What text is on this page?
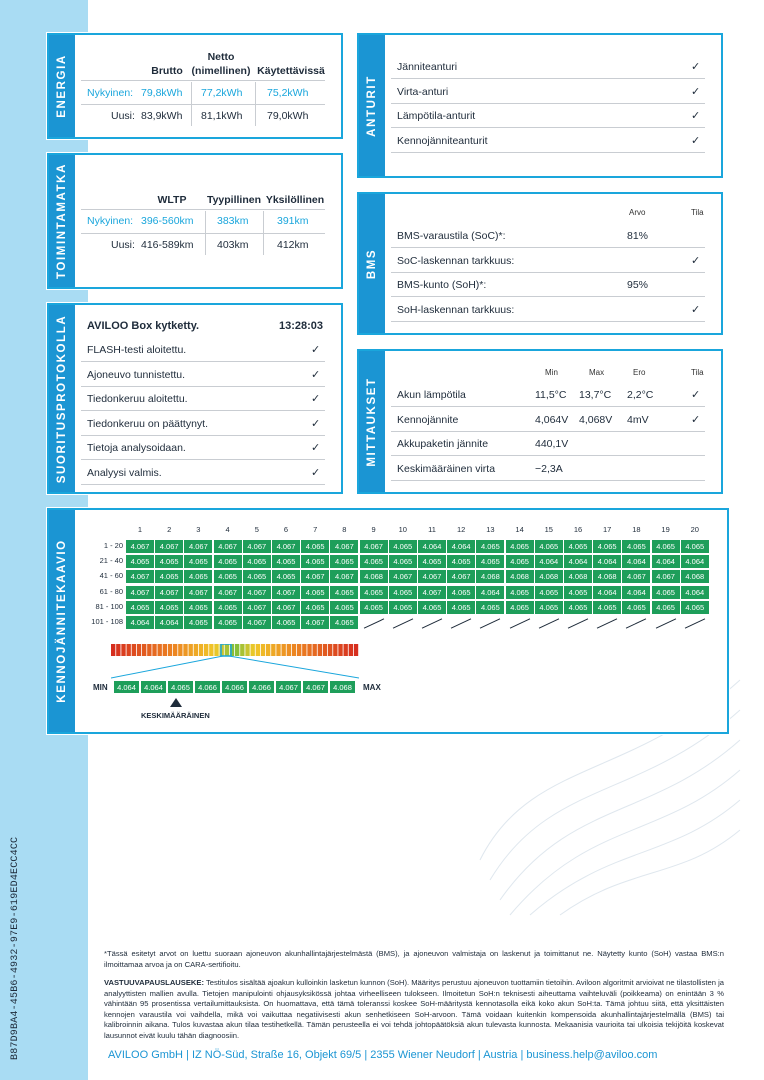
B87D9BA4-45B6-4932-97E9-619ED4ECC4CC
ENERGIA	Brutto
Netto
(nimellinen) Käytettävissä
Nykyinen: 79,8kWh 77,2kWh 75,2kWh
Uusi: 83,9kWh 81,1kWh 79,0kWh
TOIMINTAMATKA	WLTP	Tyypillinen Yksilöllinen
Nykyinen: 396-560km 383km	391km
Uusi: 416-589km 403km	412km
SUORITUSPROTOKOLLA AVILOO Box kytketty.	13:28:03
FLASH-testi aloitettu.	✓
Ajoneuvo tunnistettu.	✓
Tiedonkeruu aloitettu.	✓
Tiedonkeruu on päättynyt.	✓
Tietoja analysoidaan.	✓
Analyysi valmis.	✓
ANTURIT
Jänniteanturi	✓
Virta-anturi	✓
Lämpötila-anturit	✓
Kennojänniteanturit	✓
BMS
Arvo	Tila
BMS-varaustila (SoC)*:	81%
SoC-laskennan tarkkuus:	✓
BMS-kunto (SoH)*:	95%
SoH-laskennan tarkkuus:	✓
MITTAUKSET
Min	Max	Ero	Tila
Akun lämpötila	11,5°C 13,7°C 2,2°C	✓
Kennojännite	4,064V 4,068V 4mV	✓
Akkupaketin jännite	440,1V
Keskimääräinen virta	−2,3A
KENNOJÄNNITEKAAVIO
1	2	3	4	5	6	7	8	9	10	11	12	13	14	15	16	17	18	19	20
1 - 20	4.067	4.067	4.067	4.067	4.067	4.067	4.065	4.067	4.067	4.065	4.064	4.064	4.065	4.065	4.065	4.065	4.065	4.065	4.065	4.065
21 - 40	4.065	4.065	4.065	4.065	4.065	4.065	4.065	4.065	4.065	4.065	4.065	4.065	4.065	4.065	4.064	4.064	4.064	4.064	4.064	4.064
41 - 60	4.067	4.065	4.065	4.065	4.065	4.065	4.067	4.067	4.068	4.067	4.067	4.067	4.068	4.068	4.068	4.068	4.068	4.067	4.067	4.068
61 - 80	4.067	4.067	4.067	4.067	4.067	4.067	4.065	4.065	4.065	4.065	4.067	4.065	4.064	4.065	4.065	4.065	4.064	4.064	4.065	4.064
81 - 100	4.065	4.065	4.065	4.065	4.067	4.067	4.065	4.065	4.065	4.065	4.065	4.065	4.065	4.065	4.065	4.065	4.065	4.065	4.065	4.065
101 - 108	4.064	4.064	4.065	4.065	4.067	4.065	4.067	4.065
MIN	MAX
4.064	4.064	4.065	4.066	4.066	4.066	4.067	4.067	4.068
KESKIMÄÄRÄINEN
*Tässä esitetyt arvot on luettu suoraan ajoneuvon akunhallintajärjestelmästä (BMS), ja ajoneuvon valmistaja on laskenut ja toimittanut ne. Näytetty kunto (SoH) vastaa BMS:n ilmoittamaa arvoa ja on CARA-sertifioitu.
VASTUUVAPAUSLAUSEKE: Testitulos sisältää ajoakun kulloinkin lasketun kunnon (SoH). Määritys perustuu ajoneuvon tuottamiin tietoihin. Aviloon algoritmit arvioivat ne tilastollisten ja analyyttisten mallien avulla. Tietojen manipulointi ohjausyksikössä johtaa virheelliseen tulokseen. Ilmoitetun SoH:n teknisesti aiheuttama vaihteluväli (poikkeama) on enintään 3 % vähintään 95 prosentissa vertailumittauksista. On huomattava, että tämä toleranssi koskee SoH-määritystä kennotasolla eikä koko akun SoH:ta. Tämä johtuu siitä, että yksittäisten kennojen varaustila voi vaihdella, mikä voi vaikuttaa negatiivisesti akun senhetkiseen SoH-arvoon. Tämä voidaan kuitenkin kompensoida akunhallintajärjestelmällä (BMS) tai kalibroinnin aikana. Tulos kuvastaa akun tilaa testihetkellä. Tämän perusteella ei voi tehdä johtopäätöksiä akun tulevasta kunnosta. Mekaanisia vaurioita tai ulkoisia tekijöitä koskevat lausunnot eivät kuulu tähän diagnoosiin.
AVILOO GmbH | IZ NÖ-Süd, Straße 16, Objekt 69/5 | 2355 Wiener Neudorf | Austria | business.help@aviloo.com
